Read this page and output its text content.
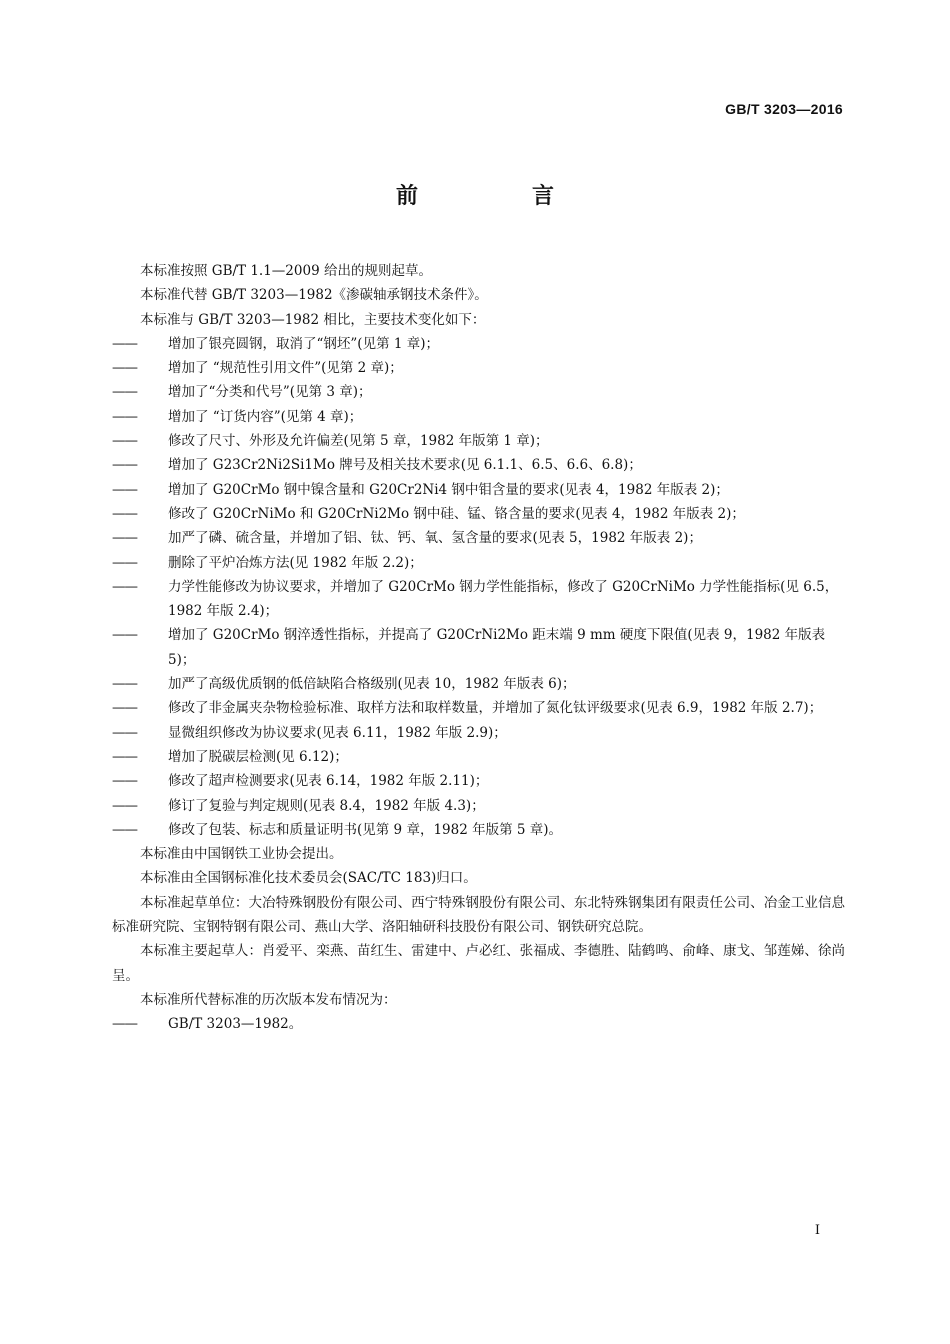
GB/T 3203—2016
前　言

本标准按照 GB/T 1.1—2009 给出的规则起草。

本标准代替 GB/T 3203—1982《渗碳轴承钢技术条件》。

本标准与 GB/T 3203—1982 相比，主要技术变化如下：

—— 增加了银亮圆钢，取消了“钢坯”(见第 1 章)；

—— 增加了 “规范性引用文件”(见第 2 章)；

—— 增加了“分类和代号”(见第 3 章)；

—— 增加了 “订货内容”(见第 4 章)；

—— 修改了尺寸、外形及允许偏差(见第 5 章，1982 年版第 1 章)；

—— 增加了 G23Cr2Ni2Si1Mo 牌号及相关技术要求(见 6.1.1、6.5、6.6、6.8)；

—— 增加了 G20CrMo 钢中镍含量和 G20Cr2Ni4 钢中钼含量的要求(见表 4，1982 年版表 2)；

—— 修改了 G20CrNiMo 和 G20CrNi2Mo 钢中硅、锰、铬含量的要求(见表 4，1982 年版表 2)；

—— 加严了磷、硫含量，并增加了铝、钛、钙、氧、氢含量的要求(见表 5，1982 年版表 2)；

—— 删除了平炉冶炼方法(见 1982 年版 2.2)；

—— 力学性能修改为协议要求，并增加了 G20CrMo 钢力学性能指标，修改了 G20CrNiMo 力学性能指标(见 6.5，1982 年版 2.4)；

—— 增加了 G20CrMo 钢淬透性指标，并提高了 G20CrNi2Mo 距末端 9 mm 硬度下限值(见表 9，1982 年版表 5)；

—— 加严了高级优质钢的低倍缺陷合格级别(见表 10，1982 年版表 6)；

—— 修改了非金属夹杂物检验标准、取样方法和取样数量，并增加了氮化钛评级要求(见表 6.9，1982 年版 2.7)；

—— 显微组织修改为协议要求(见表 6.11，1982 年版 2.9)；

—— 增加了脱碳层检测(见 6.12)；

—— 修改了超声检测要求(见表 6.14，1982 年版 2.11)；

—— 修订了复验与判定规则(见表 8.4，1982 年版 4.3)；

—— 修改了包装、标志和质量证明书(见第 9 章，1982 年版第 5 章)。

本标准由中国钢铁工业协会提出。

本标准由全国钢标准化技术委员会(SAC/TC 183)归口。

本标准起草单位：大冶特殊钢股份有限公司、西宁特殊钢股份有限公司、东北特殊钢集团有限责任公司、冶金工业信息标准研究院、宝钢特钢有限公司、燕山大学、洛阳轴研科技股份有限公司、钢铁研究总院。

本标准主要起草人：肖爱平、栾燕、苗红生、雷建中、卢必红、张福成、李德胜、陆鹤鸣、俞峰、康戈、邹莲娣、徐尚呈。

本标准所代替标准的历次版本发布情况为：

—— GB/T 3203—1982。

I
